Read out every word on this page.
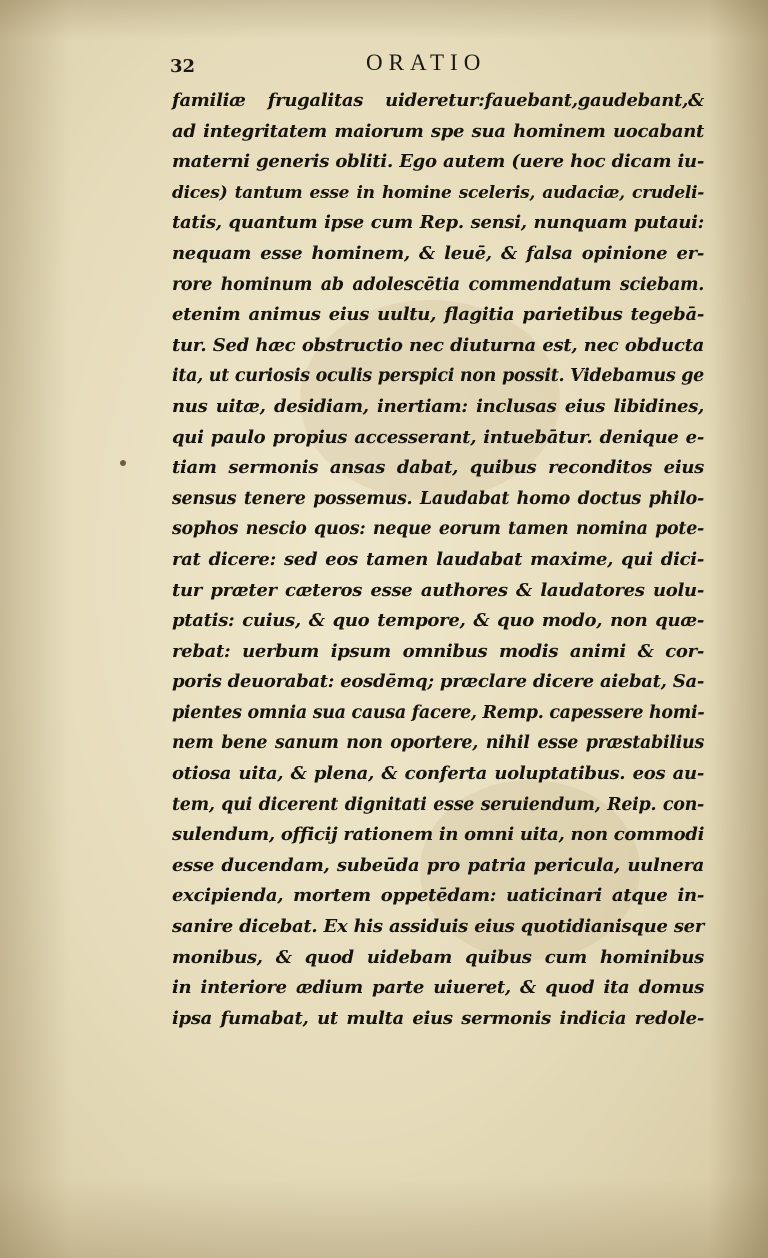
32	ORATIO
familiæ frugalitas uideretur:fauebant,gaudebant,&
ad integritatem maiorum spe sua hominem uocabant
materni generis obliti. Ego autem (uere hoc dicam iu-
dices) tantum esse in homine sceleris, audaciæ, crudeli-
tatis, quantum ipse cum Rep. sensi, nunquam putaui:
nequam esse hominem, & leuē, & falsa opinione er-
rore hominum ab adolescētia commendatum sciebam.
etenim animus eius uultu, flagitia parietibus tegebā-
tur. Sed hæc obstructio nec diuturna est, nec obducta
ita, ut curiosis oculis perspici non possit. Videbamus ge
nus uitæ, desidiam, inertiam: inclusas eius libidines,
qui paulo propius accesserant, intuebātur. denique e-
tiam sermonis ansas dabat, quibus reconditos eius
sensus tenere possemus. Laudabat homo doctus philo-
sophos nescio quos: neque eorum tamen nomina pote-
rat dicere: sed eos tamen laudabat maxime, qui dici-
tur præter cæteros esse authores & laudatores uolu-
ptatis: cuius, & quo tempore, & quo modo, non quæ-
rebat: uerbum ipsum omnibus modis animi & cor-
poris deuorabat: eosdēmq; præclare dicere aiebat, Sa-
pientes omnia sua causa facere, Remp. capessere homi-
nem bene sanum non oportere, nihil esse præstabilius
otiosa uita, & plena, & conferta uoluptatibus. eos au-
tem, qui dicerent dignitati esse seruiendum, Reip. con-
sulendum, officij rationem in omni uita, non commodi
esse ducendam, subeūda pro patria pericula, uulnera
excipienda, mortem oppetēdam: uaticinari atque in-
sanire dicebat. Ex his assiduis eius quotidianisque ser
monibus, & quod uidebam quibus cum hominibus
in interiore ædium parte uiueret, & quod ita domus
ipsa fumabat, ut multa eius sermonis indicia redole-
